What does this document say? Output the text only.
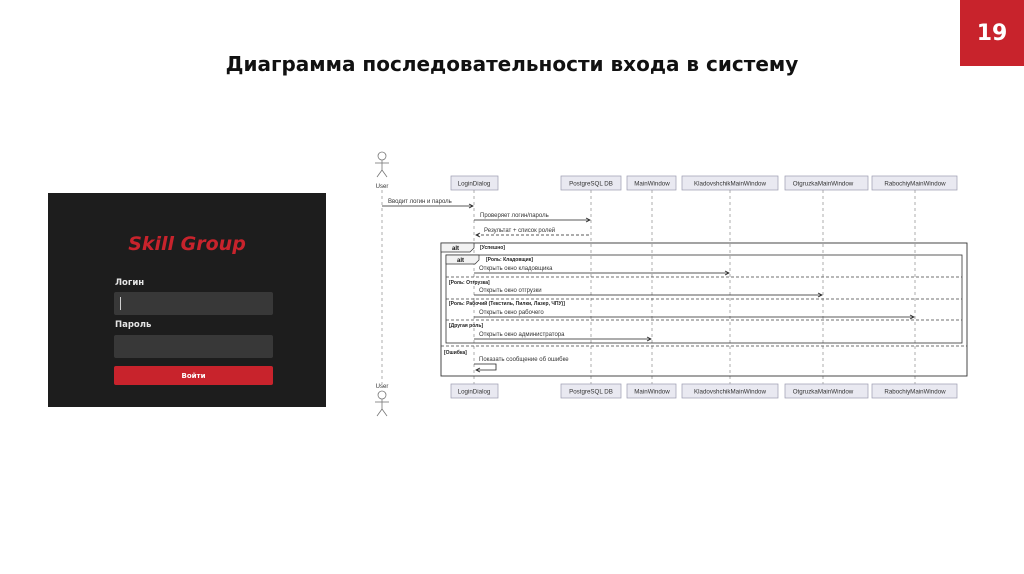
19
Диаграмма последовательности входа в систему
Skill Group
Логин
Пароль
Войти
User	LoginDialog	PostgreSQL DB	MainWindow	KladovshchikMainWindow	OtgruzkaMainWindow	RabochiyMainWindow
Вводит логин и пароль
Проверяет логин/пароль
Результат + список ролей
alt	[Успешно]
[Ошибка]
alt	[Роль: Кладовщик]
[Роль: Отгрузка]
[Роль: Рабочий (Текстиль, Пилки, Лазер, ЧПУ)]
[Другая роль]
Открыть окно кладовщика
Открыть окно отгрузки
Открыть окно рабочего
Открыть окно администратора
Показать сообщение об ошибке
LoginDialog	PostgreSQL DB	MainWindow	KladovshchikMainWindow	OtgruzkaMainWindow	RabochiyMainWindow
User
